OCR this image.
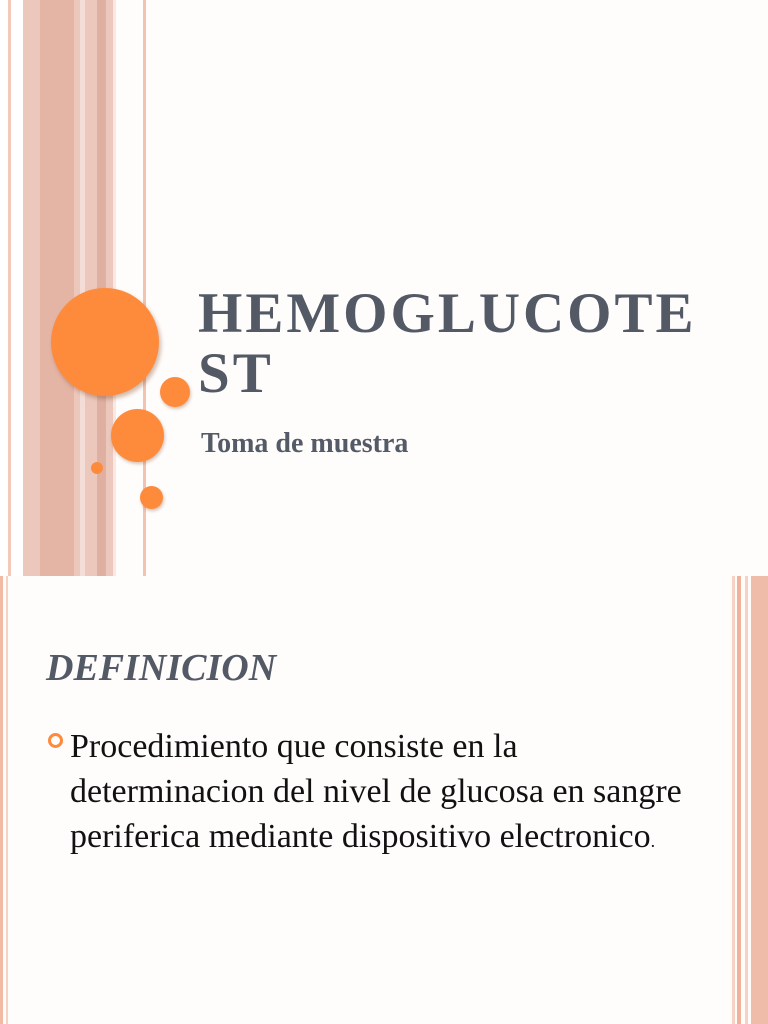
HEMOGLUCOTEST
Toma de muestra
DEFINICION

Procedimiento que consiste en la determinacion del nivel de glucosa en sangre periferica mediante dispositivo electronico.
